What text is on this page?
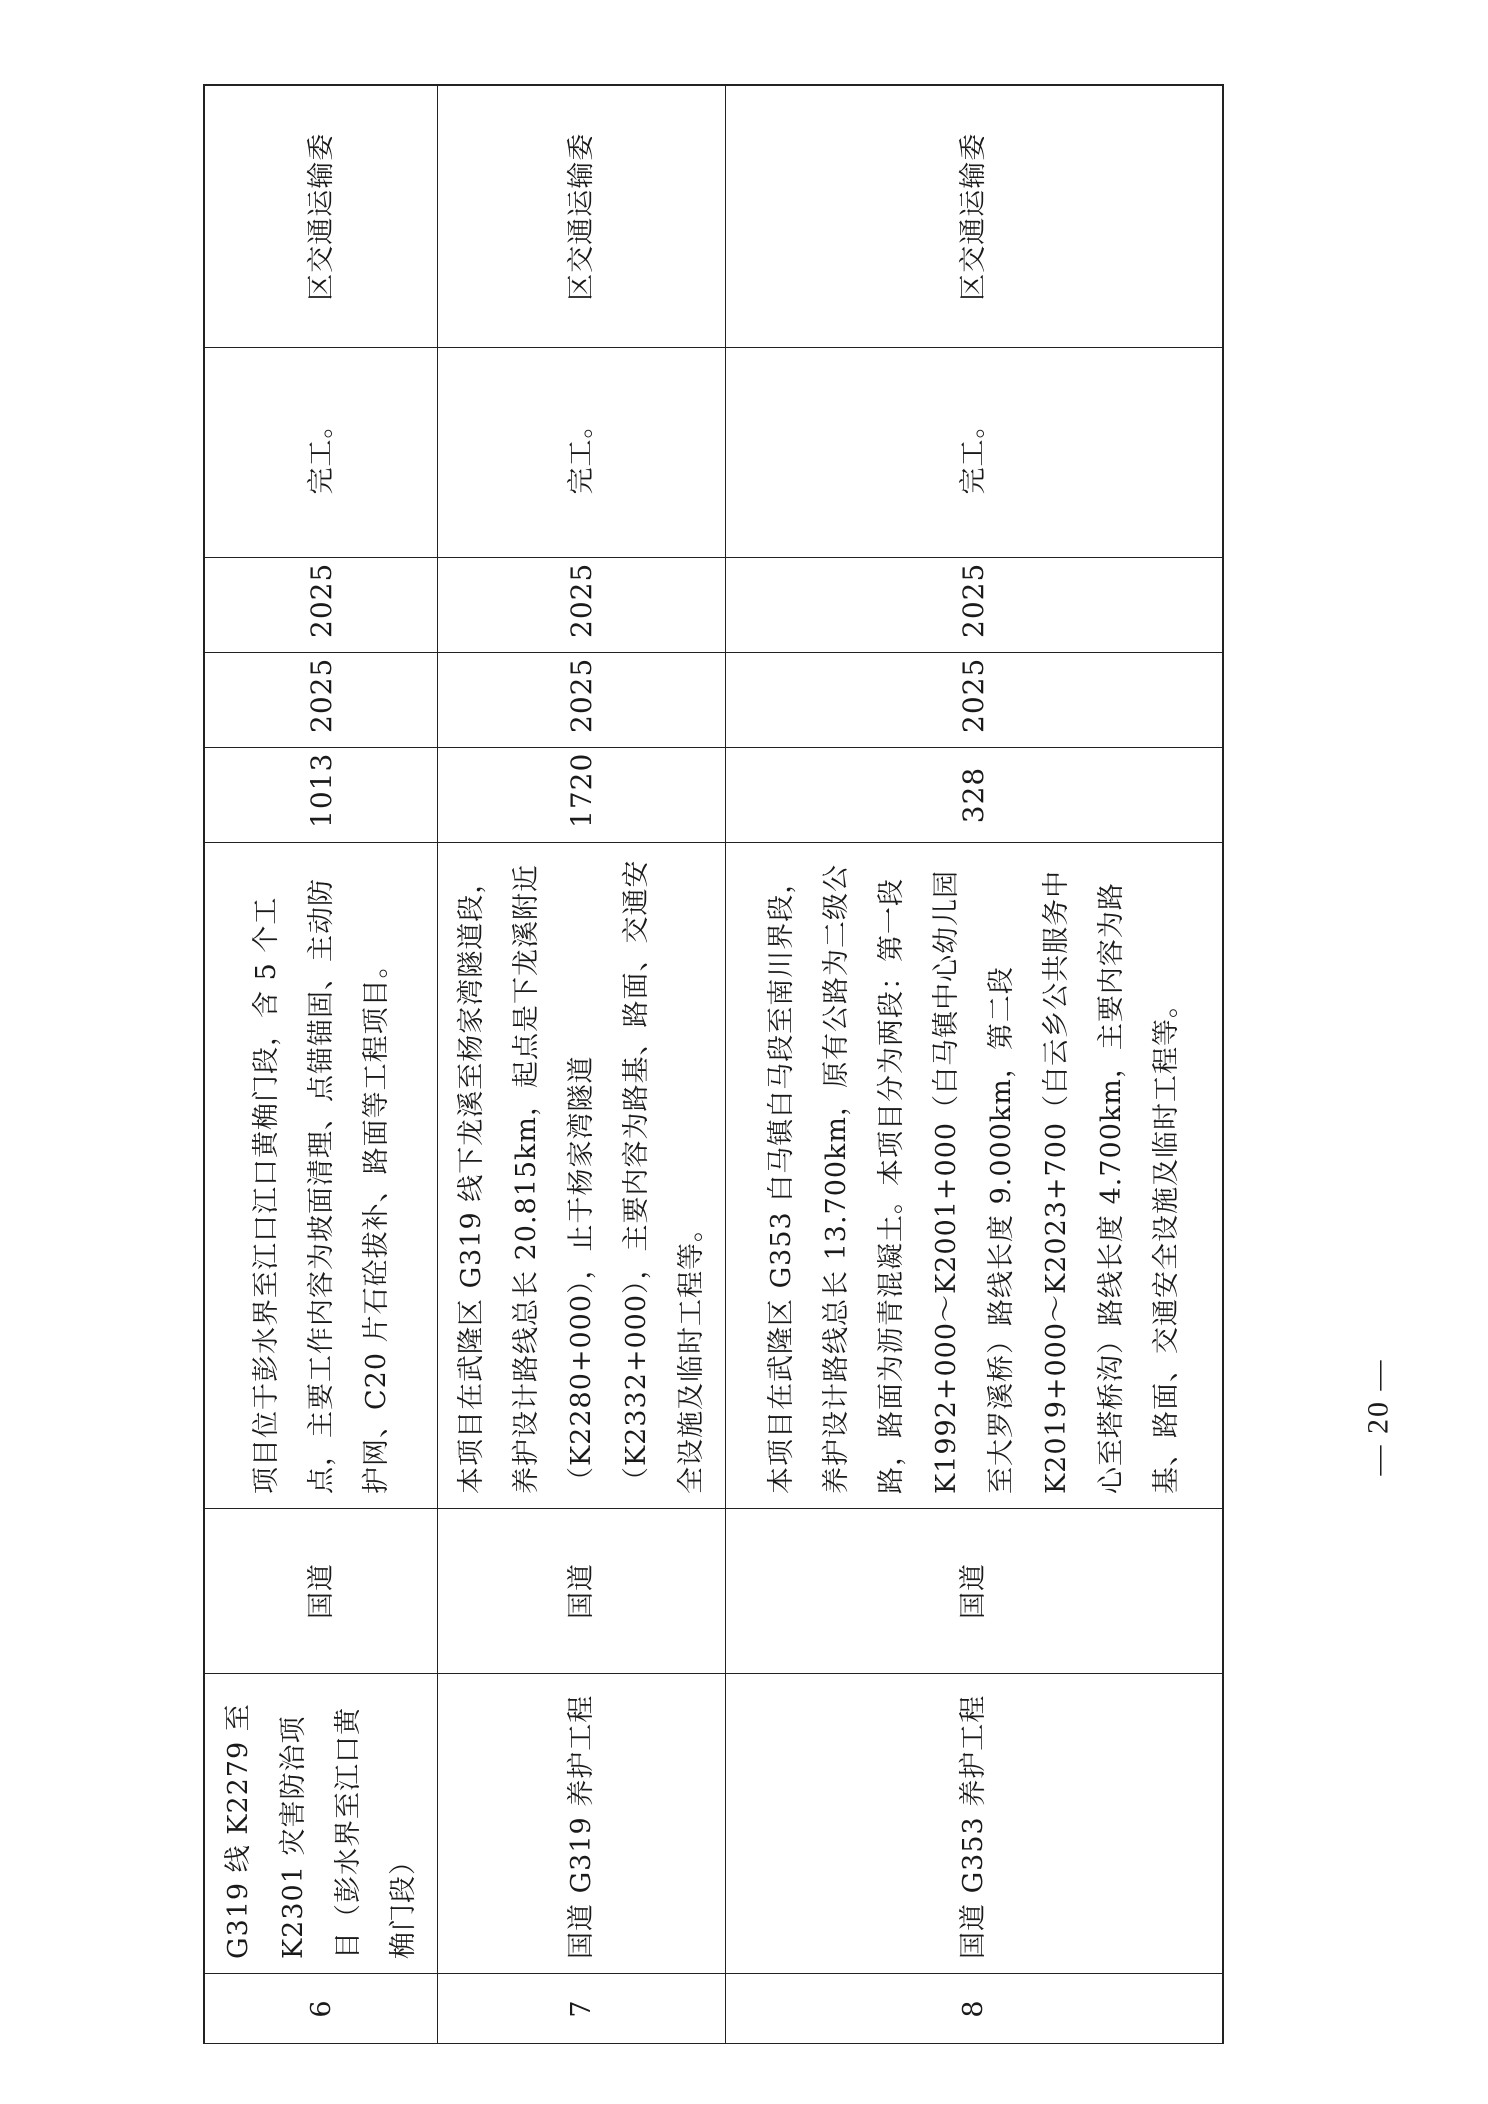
6	G319 线 K2279 至 K2301 灾害防治项目（彭水界至江口黄桷门段）	国道	项目位于彭水界至江口江口黄桷门段，含 5 个工点，主要工作内容为坡面清理、点锚锚固、主动防护网、C20 片石砼拔补、路面等工程项目。	1013	2025	2025	完工。	区交通运输委
7	国道 G319 养护工程	国道	本项目在武隆区 G319 线下龙溪至杨家湾隧道段，养护设计路线总长 20.815km，起点是下龙溪附近（K2280+000），止于杨家湾隧道（K2332+000），主要内容为路基、路面、交通安全设施及临时工程等。	1720	2025	2025	完工。	区交通运输委
8	国道 G353 养护工程	国道	本项目在武隆区 G353 白马镇白马段至南川界段，养护设计路线总长 13.700km，原有公路为二级公路，路面为沥青混凝土。本项目分为两段：第一段 K1992+000～K2001+000（白马镇中心幼儿园至大罗溪桥）路线长度 9.000km，第二段 K2019+000～K2023+700（白云乡公共服务中心至塔桥沟）路线长度 4.700km，主要内容为路基、路面、交通安全设施及临时工程等。	328	2025	2025	完工。	区交通运输委
— 20 —
